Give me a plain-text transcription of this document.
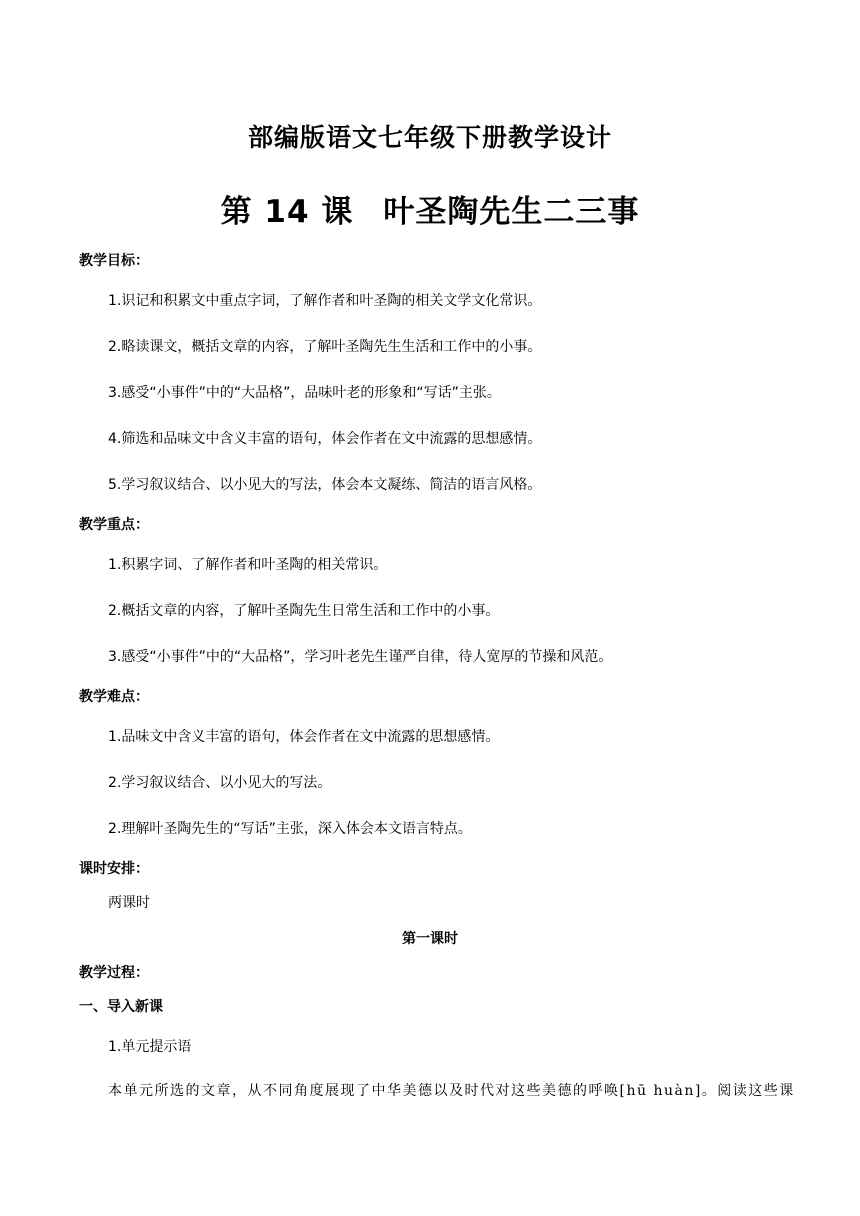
部编版语文七年级下册教学设计
第 14 课 叶圣陶先生二三事
教学目标：
1.识记和积累文中重点字词，了解作者和叶圣陶的相关文学文化常识。
2.略读课文，概括文章的内容，了解叶圣陶先生生活和工作中的小事。
3.感受“小事件”中的“大品格”，品味叶老的形象和“写话”主张。
4.筛选和品味文中含义丰富的语句，体会作者在文中流露的思想感情。
5.学习叙议结合、以小见大的写法，体会本文凝练、简洁的语言风格。
教学重点：
1.积累字词、了解作者和叶圣陶的相关常识。
2.概括文章的内容，了解叶圣陶先生日常生活和工作中的小事。
3.感受“小事件”中的“大品格”，学习叶老先生谨严自律，待人宽厚的节操和风范。
教学难点：
1.品味文中含义丰富的语句，体会作者在文中流露的思想感情。
2.学习叙议结合、以小见大的写法。
2.理解叶圣陶先生的“写话”主张，深入体会本文语言特点。
课时安排：
两课时
第一课时
教学过程：
一、导入新课
1.单元提示语
本单元所选的文章，从不同角度展现了中华美德以及时代对这些美德的呼唤[hū huàn]。阅读这些课
